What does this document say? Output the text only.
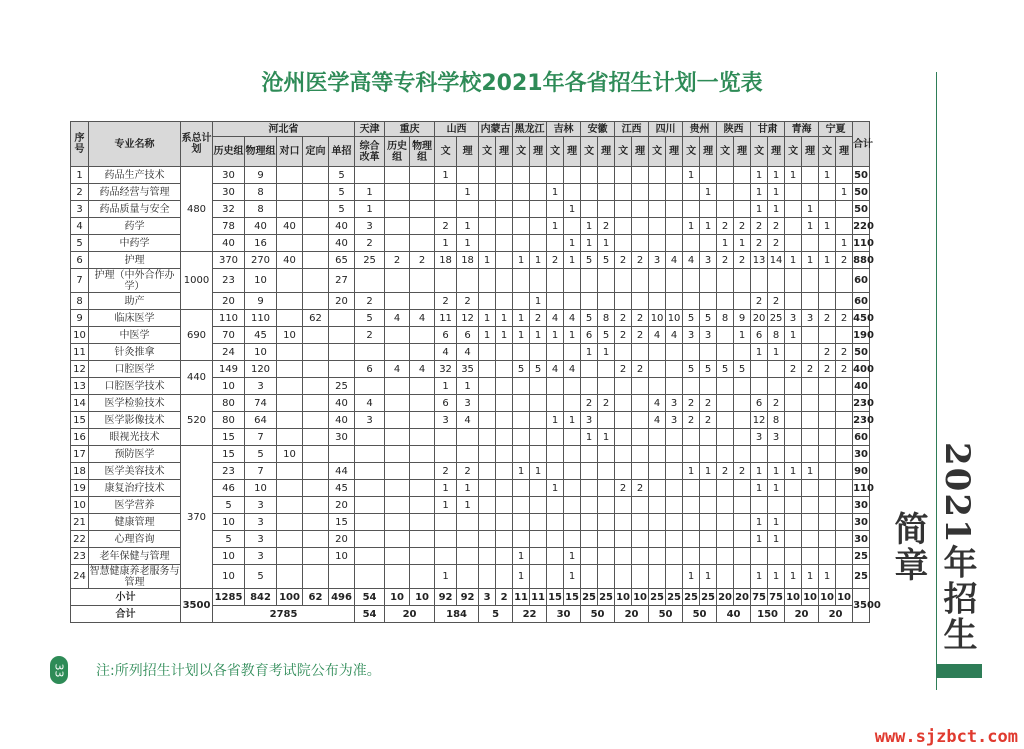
沧州医学高等专科学校2021年各省招生计划一览表
序号	专业名称	系总计划	河北省					天津	重庆		山西		内蒙古		黑龙江		吉林		安徽		江西		四川		贵州		陕西		甘肃		青海		宁夏		合计
			历史组	物理组	对口	定向	单招	综合改革	历史组	物理组	文	理	文	理	文	理	文	理	文	理	文	理	文	理	文	理	文	理	文	理	文	理	文	理	
1	药品生产技术	480	30	9			5				1														1				1	1	1		1		50
2	药品经营与管理		30	8			5	1				1					1									1			1	1				1	50
3	药品质量与安全		32	8			5	1										1											1	1		1			50
4	药学		78	40	40		40	3			2	1					1		1	2					1	1	2	2	2	2		1	1		220
5	中药学		40	16			40	2			1	1						1	1	1							1	1	2	2				1	110
6	护理	1000	370	270	40		65	25	2	2	18	18	1		1	1	2	1	5	5	2	2	3	4	4	3	2	2	13	14	1	1	1	2	880
7	护理（中外合作办学）		23	10			27																												60
8	助产		20	9			20	2			2	2				1													2	2					60
9	临床医学	690	110	110		62		5	4	4	11	12	1	1	1	2	4	4	5	8	2	2	10	10	5	5	8	9	20	25	3	3	2	2	450
10	中医学		70	45	10			2			6	6	1	1	1	1	1	1	6	5	2	2	4	4	3	3		1	6	8	1				190
11	针灸推拿		24	10							4	4							1	1									1	1			2	2	50
12	口腔医学	440	149	120				6	4	4	32	35			5	5	4	4			2	2			5	5	5	5			2	2	2	2	400
13	口腔医学技术		10	3			25				1	1																							40
14	医学检验技术	520	80	74			40	4			6	3							2	2			4	3	2	2			6	2					230
15	医学影像技术		80	64			40	3			3	4					1	1	3				4	3	2	2			12	8					230
16	眼视光技术		15	7			30												1	1									3	3					60
17	预防医学	370	15	5	10																														30
18	医学美容技术		23	7			44				2	2			1	1									1	1	2	2	1	1	1	1			90
19	康复治疗技术		46	10			45				1	1					1				2	2							1	1					110
10	医学营养		5	3			20				1	1																							30
21	健康管理		10	3			15																						1	1					30
22	心理咨询		5	3			20																						1	1					30
23	老年保健与管理		10	3			10								1			1																	25
24	智慧健康养老服务与管理		10	5							1				1			1							1	1			1	1	1	1	1		25
小计		3500	1285	842	100	62	496	54	10	10	92	92	3	2	11	11	15	15	25	25	10	10	25	25	25	25	20	20	75	75	10	10	10	10	3500
合计			2785					54	20		184		5		22		30		50		20		50		50		40		150		20		20			2021年招生简章
33 注:所列招生计划以各省教育考试院公布为准。
www.sjzbct.com
